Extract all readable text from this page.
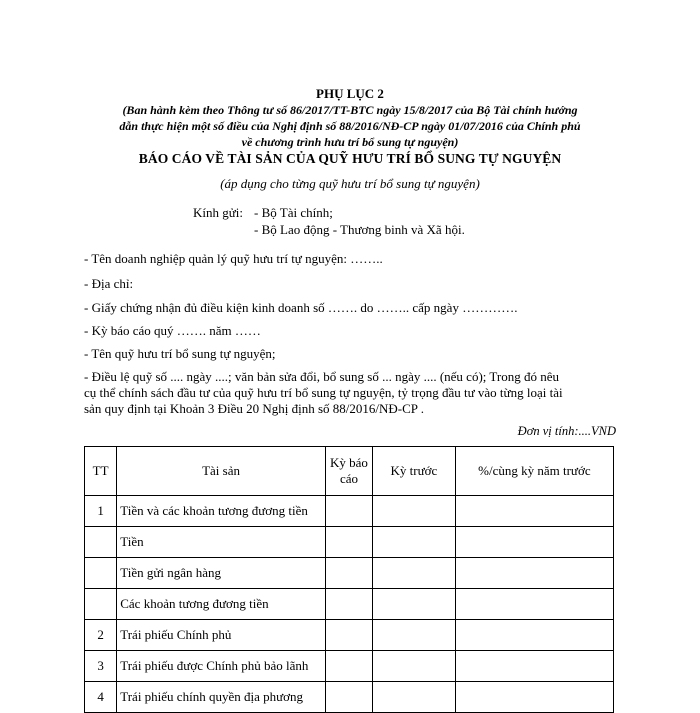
PHỤ LỤC 2
(Ban hành kèm theo Thông tư số 86/2017/TT-BTC ngày 15/8/2017 của Bộ Tài chính hướng
dẫn thực hiện một số điều của Nghị định số 88/2016/NĐ-CP ngày 01/07/2016 của Chính phủ
về chương trình hưu trí bổ sung tự nguyện)
BÁO CÁO VỀ TÀI SẢN CỦA QUỸ HƯU TRÍ BỔ SUNG TỰ NGUYỆN
(áp dụng cho từng quỹ hưu trí bổ sung tự nguyện)
Kính gửi: - Bộ Tài chính;
- Bộ Lao động - Thương binh và Xã hội.
- Tên doanh nghiệp quản lý quỹ hưu trí tự nguyện: ……..
- Địa chỉ:
- Giấy chứng nhận đủ điều kiện kinh doanh số ……. do …….. cấp ngày ………….
- Kỳ báo cáo quý ……. năm ……
- Tên quỹ hưu trí bổ sung tự nguyện;
- Điều lệ quỹ số .... ngày ....; văn bản sửa đổi, bổ sung số ... ngày .... (nếu có); Trong đó nêu
cụ thể chính sách đầu tư của quỹ hưu trí bổ sung tự nguyện, tỷ trọng đầu tư vào từng loại tài
sản quy định tại Khoản 3 Điều 20 Nghị định số 88/2016/NĐ-CP .
Đơn vị tính:....VND
TT	Tài sản	Kỳ báo cáo	Kỳ trước	%/cùng kỳ năm trước
1	Tiền và các khoản tương đương tiền			
	Tiền			
	Tiền gửi ngân hàng			
	Các khoản tương đương tiền			
2	Trái phiếu Chính phủ			
3	Trái phiếu được Chính phủ bảo lãnh			
4	Trái phiếu chính quyền địa phương			
